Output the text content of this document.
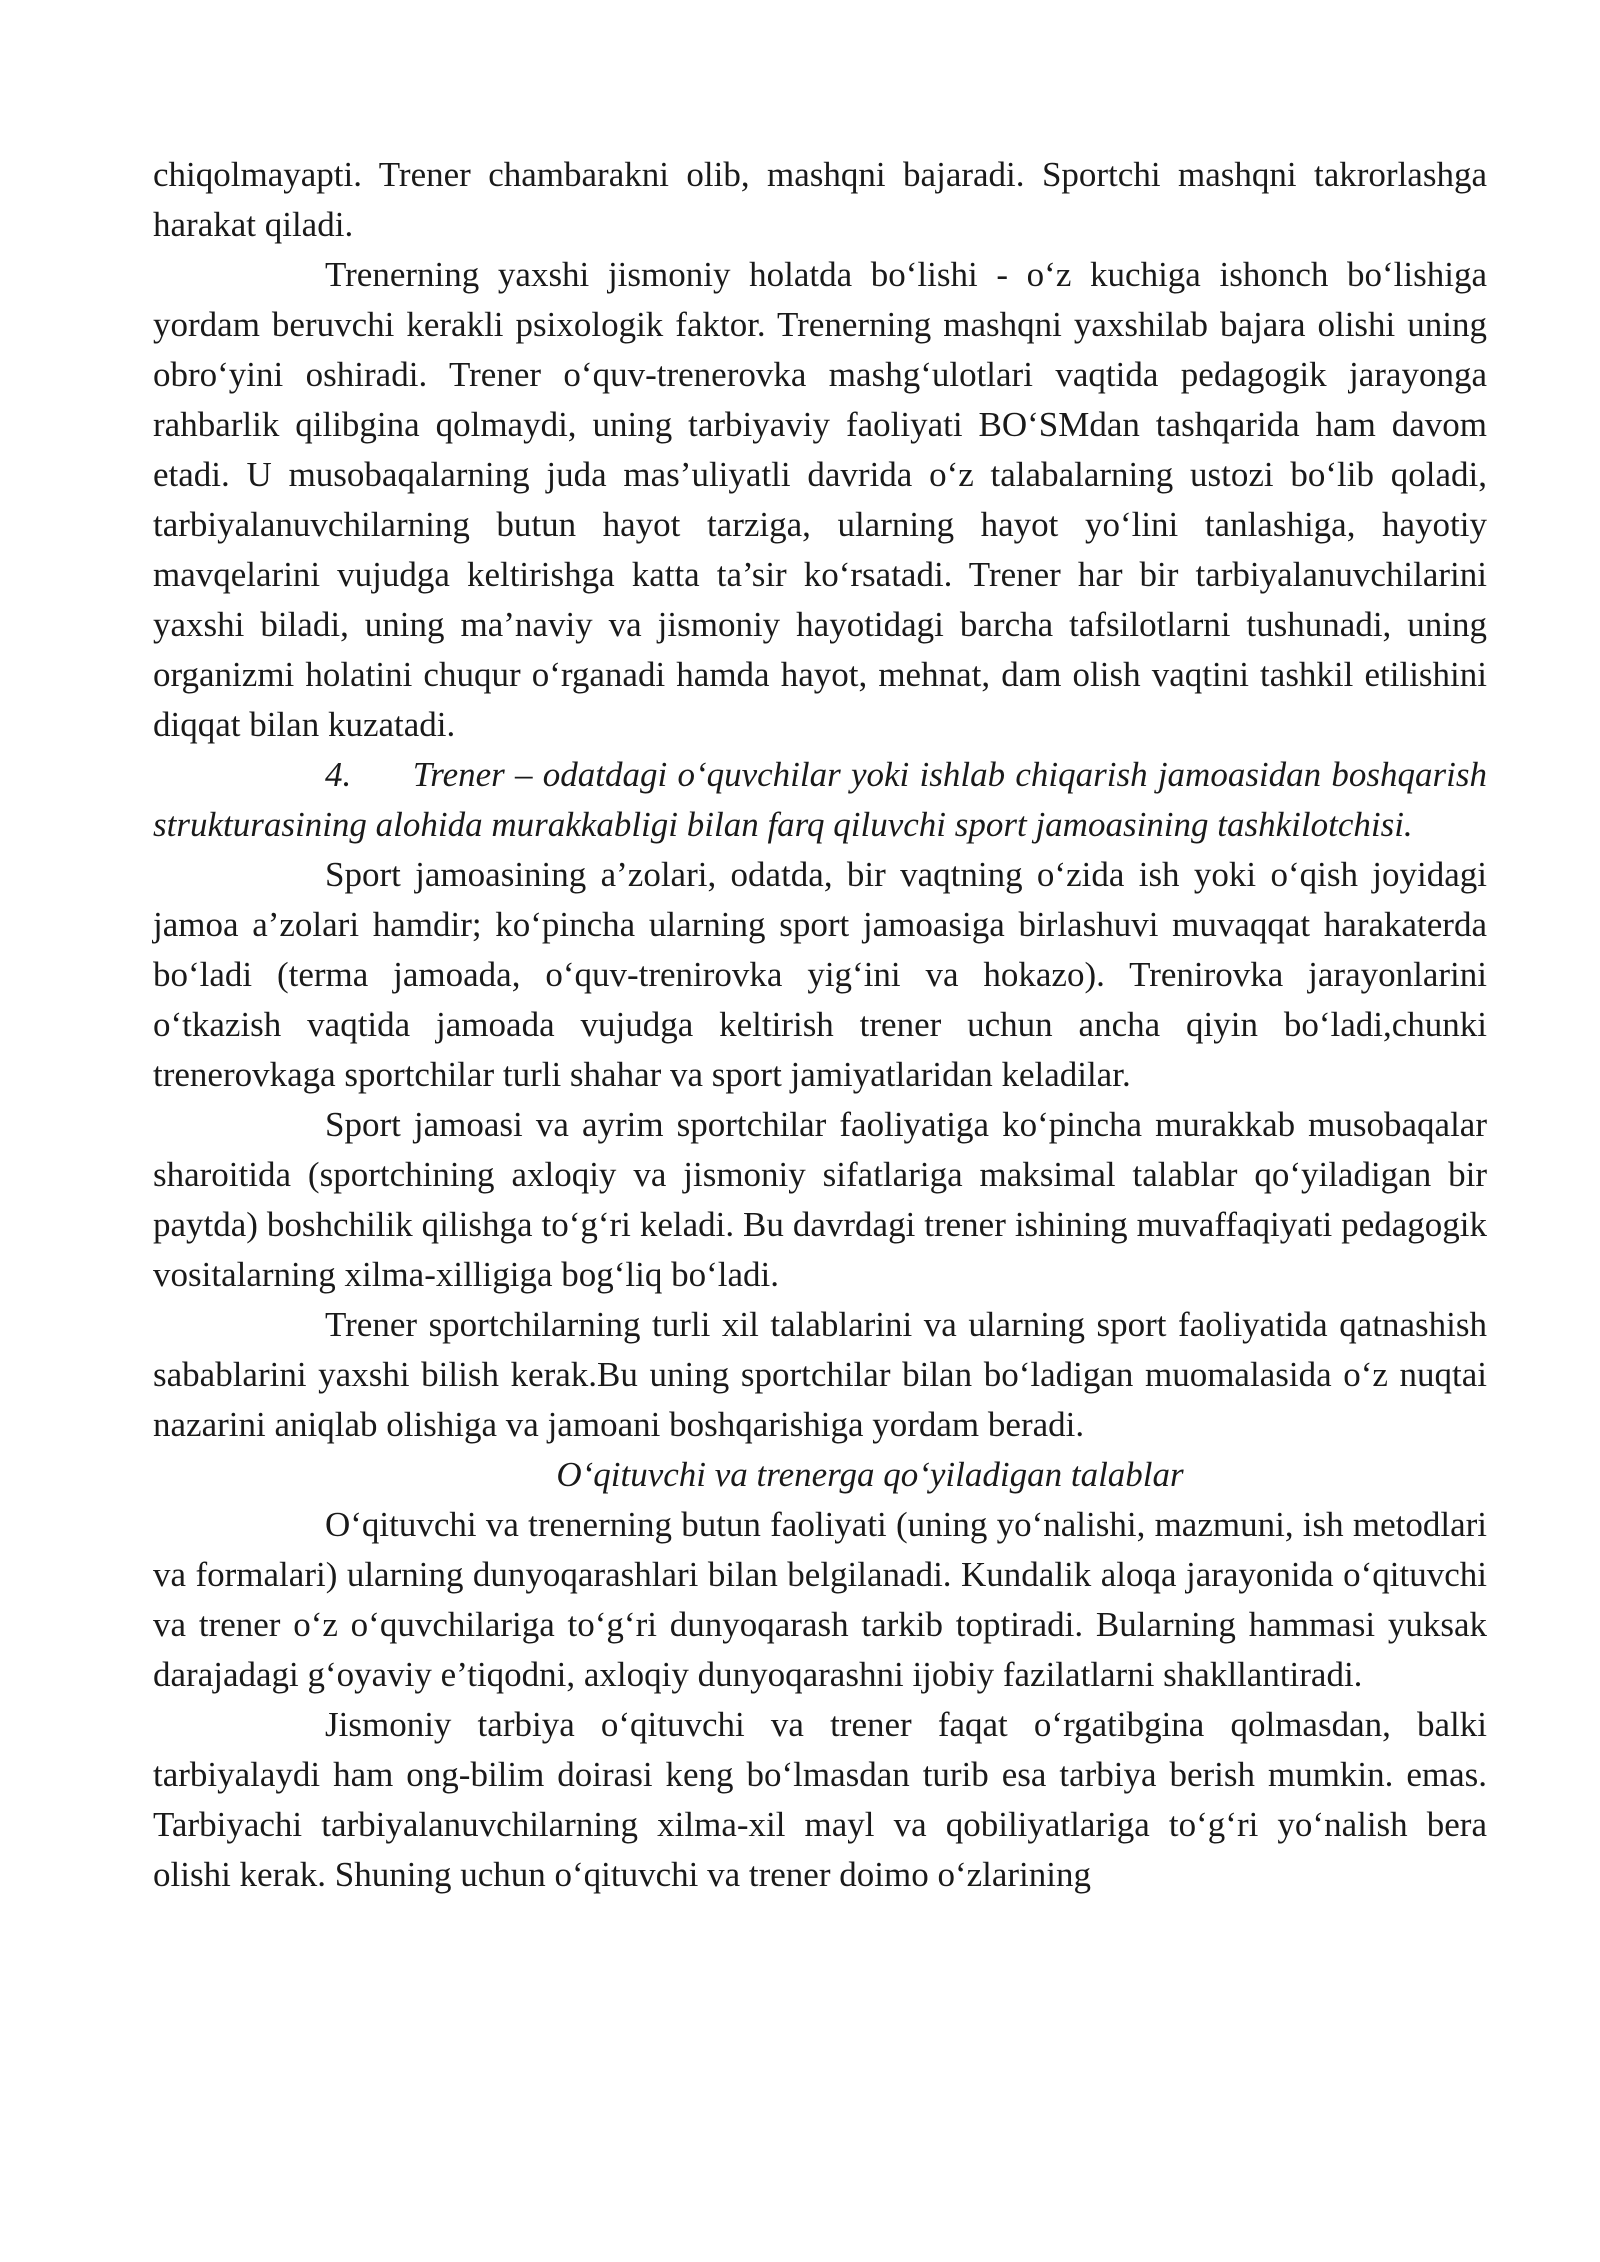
chiqolmayapti. Trener chambarakni olib, mashqni bajaradi. Sportchi mashqni takrorlashga harakat qiladi.

Trenerning yaxshi jismoniy holatda bo‘lishi - o‘z kuchiga ishonch bo‘lishiga yordam beruvchi kerakli psixologik faktor. Trenerning mashqni yaxshilab bajara olishi uning obro‘yini oshiradi. Trener o‘quv-trenerovka mashg‘ulotlari vaqtida pedagogik jarayonga rahbarlik qilibgina qolmaydi, uning tarbiyaviy faoliyati BO‘SMdan tashqarida ham davom etadi. U musobaqalarning juda mas’uliyatli davrida o‘z talabalarning ustozi bo‘lib qoladi, tarbiyalanuvchilarning butun hayot tarziga, ularning hayot yo‘lini tanlashiga, hayotiy mavqelarini vujudga keltirishga katta ta’sir ko‘rsatadi. Trener har bir tarbiyalanuvchilarini yaxshi biladi, uning ma’naviy va jismoniy hayotidagi barcha tafsilotlarni tushunadi, uning organizmi holatini chuqur o‘rganadi hamda hayot, mehnat, dam olish vaqtini tashkil etilishini diqqat bilan kuzatadi.

4.      Trener – odatdagi o‘quvchilar yoki ishlab chiqarish jamoasidan boshqarish strukturasining alohida murakkabligi bilan farq qiluvchi sport jamoasining tashkilotchisi.

Sport jamoasining a’zolari, odatda, bir vaqtning o‘zida ish yoki o‘qish joyidagi jamoa a’zolari hamdir; ko‘pincha ularning sport jamoasiga birlashuvi muvaqqat harakaterda bo‘ladi (terma jamoada, o‘quv-trenirovka yig‘ini va hokazo). Trenirovka jarayonlarini o‘tkazish vaqtida jamoada vujudga keltirish trener uchun ancha qiyin bo‘ladi,chunki trenerovkaga sportchilar turli shahar va sport jamiyatlaridan keladilar.

Sport jamoasi va ayrim sportchilar faoliyatiga ko‘pincha murakkab musobaqalar sharoitida (sportchining axloqiy va jismoniy sifatlariga maksimal talablar qo‘yiladigan bir paytda) boshchilik qilishga to‘g‘ri keladi. Bu davrdagi trener ishining muvaffaqiyati pedagogik vositalarning xilma-xilligiga bog‘liq bo‘ladi.

Trener sportchilarning turli xil talablarini va ularning sport faoliyatida qatnashish sabablarini yaxshi bilish kerak.Bu uning sportchilar bilan bo‘ladigan muomalasida o‘z nuqtai nazarini aniqlab olishiga va jamoani boshqarishiga yordam beradi.

O‘qituvchi va trenerga qo‘yiladigan talablar

O‘qituvchi va trenerning butun faoliyati (uning yo‘nalishi, mazmuni, ish metodlari va formalari) ularning dunyoqarashlari bilan belgilanadi. Kundalik aloqa jarayonida o‘qituvchi va trener o‘z o‘quvchilariga to‘g‘ri dunyoqarash tarkib toptiradi. Bularning hammasi yuksak darajadagi g‘oyaviy e’tiqodni, axloqiy dunyoqarashni ijobiy fazilatlarni shakllantiradi.

Jismoniy tarbiya o‘qituvchi va trener faqat o‘rgatibgina qolmasdan, balki tarbiyalaydi ham ong-bilim doirasi keng bo‘lmasdan turib esa tarbiya berish mumkin. emas. Tarbiyachi tarbiyalanuvchilarning xilma-xil mayl va qobiliyatlariga to‘g‘ri yo‘nalish bera olishi kerak. Shuning uchun o‘qituvchi va trener doimo o‘zlarining
